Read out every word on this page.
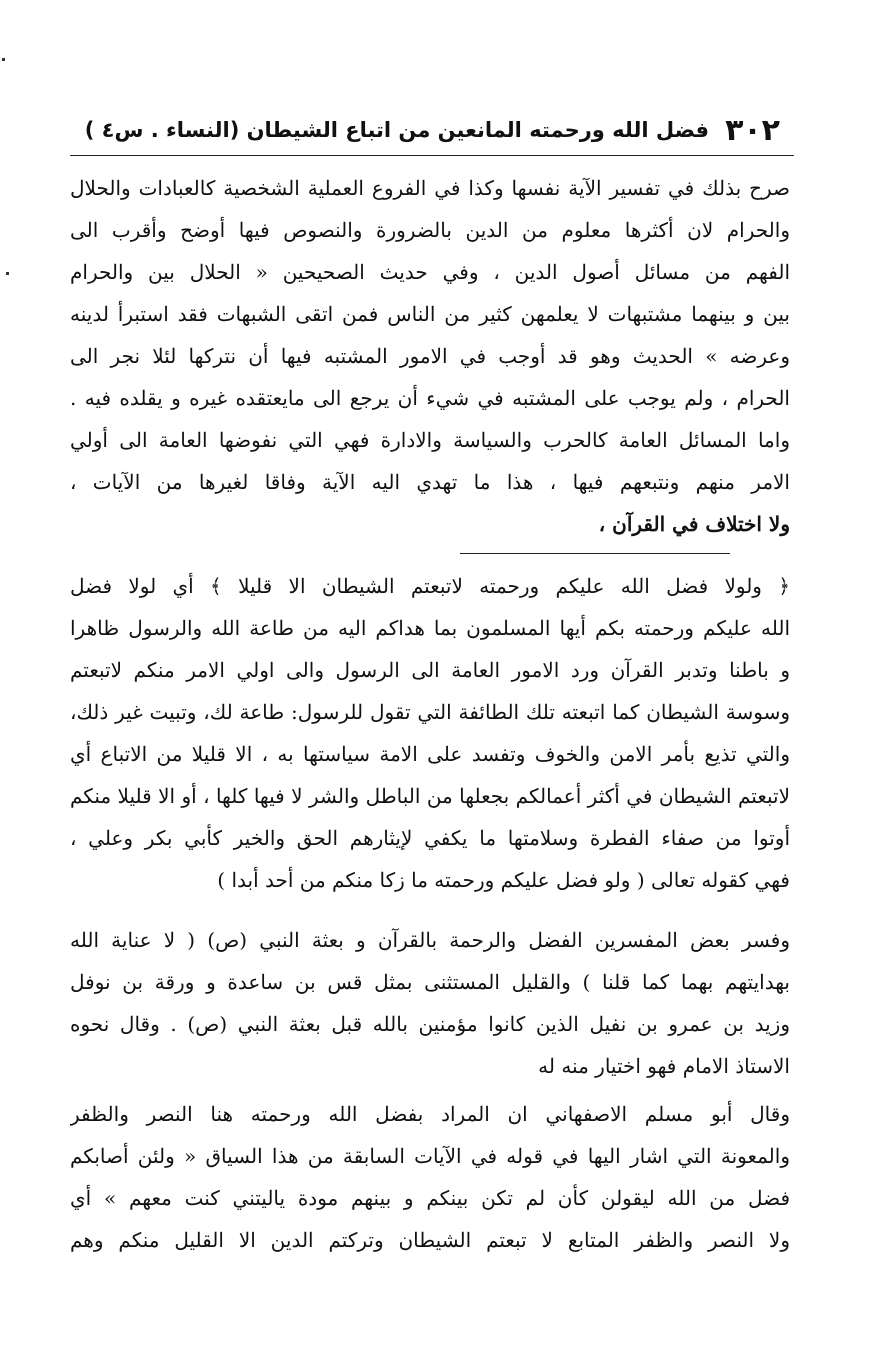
٣٠٢
فضل الله ورحمته المانعين من اتباع الشيطان (النساء . س٤ )
صرح بذلك في تفسير الآية نفسها وكذا في الفروع العملية الشخصية كالعبادات والحلال
والحرام لان أكثرها معلوم من الدين بالضرورة والنصوص فيها أوضح وأقرب الى
الفهم من مسائل أصول الدين ، وفي حديث الصحيحين « الحلال بين والحرام
بين و بينهما مشتبهات لا يعلمهن كثير من الناس فمن اتقى الشبهات فقد استبرأ لدينه
وعرضه » الحديث وهو قد أوجب في الامور المشتبه فيها أن نتركها لئلا نجر الى
الحرام ، ولم يوجب على المشتبه في شيء أن يرجع الى مايعتقده غيره و يقلده فيه .
واما المسائل العامة كالحرب والسياسة والادارة فهي التي نفوضها العامة الى أولي
الامر منهم ونتبعهم فيها ، هذا ما تهدي اليه الآية وفاقا لغيرها من الآيات ،
ولا اختلاف في القرآن ،
﴿ ولولا فضل الله عليكم ورحمته لاتبعتم الشيطان الا قليلا ﴾ أي لولا فضل
الله عليكم ورحمته بكم أيها المسلمون بما هداكم اليه من طاعة الله والرسول ظاهرا
و باطنا وتدبر القرآن ورد الامور العامة الى الرسول والى اولي الامر منكم لاتبعتم
وسوسة الشيطان كما اتبعته تلك الطائفة التي تقول للرسول: طاعة لك، وتبيت غير ذلك،
والتي تذيع بأمر الامن والخوف وتفسد على الامة سياستها به ، الا قليلا من الاتباع أي
لاتبعتم الشيطان في أكثر أعمالكم بجعلها من الباطل والشر لا فيها كلها ، أو الا قليلا منكم
أوتوا من صفاء الفطرة وسلامتها ما يكفي لإيثارهم الحق والخير كأبي بكر وعلي ،
فهي كقوله تعالى ( ولو فضل عليكم ورحمته ما زكا منكم من أحد أبدا )
وفسر بعض المفسرين الفضل والرحمة بالقرآن و بعثة النبي (ص) ( لا عناية الله
بهدايتهم بهما كما قلنا ) والقليل المستثنى بمثل قس بن ساعدة و ورقة بن نوفل
وزيد بن عمرو بن نفيل الذين كانوا مؤمنين بالله قبل بعثة النبي (ص) . وقال نحوه
الاستاذ الامام فهو اختيار منه له
وقال أبو مسلم الاصفهاني ان المراد بفضل الله ورحمته هنا النصر والظفر
والمعونة التي اشار اليها في قوله في الآيات السابقة من هذا السياق « ولئن أصابكم
فضل من الله ليقولن كأن لم تكن بينكم و بينهم مودة ياليتني كنت معهم » أي
ولا النصر والظفر المتابع لا تبعتم الشيطان وتركتم الدين الا القليل منكم وهم
